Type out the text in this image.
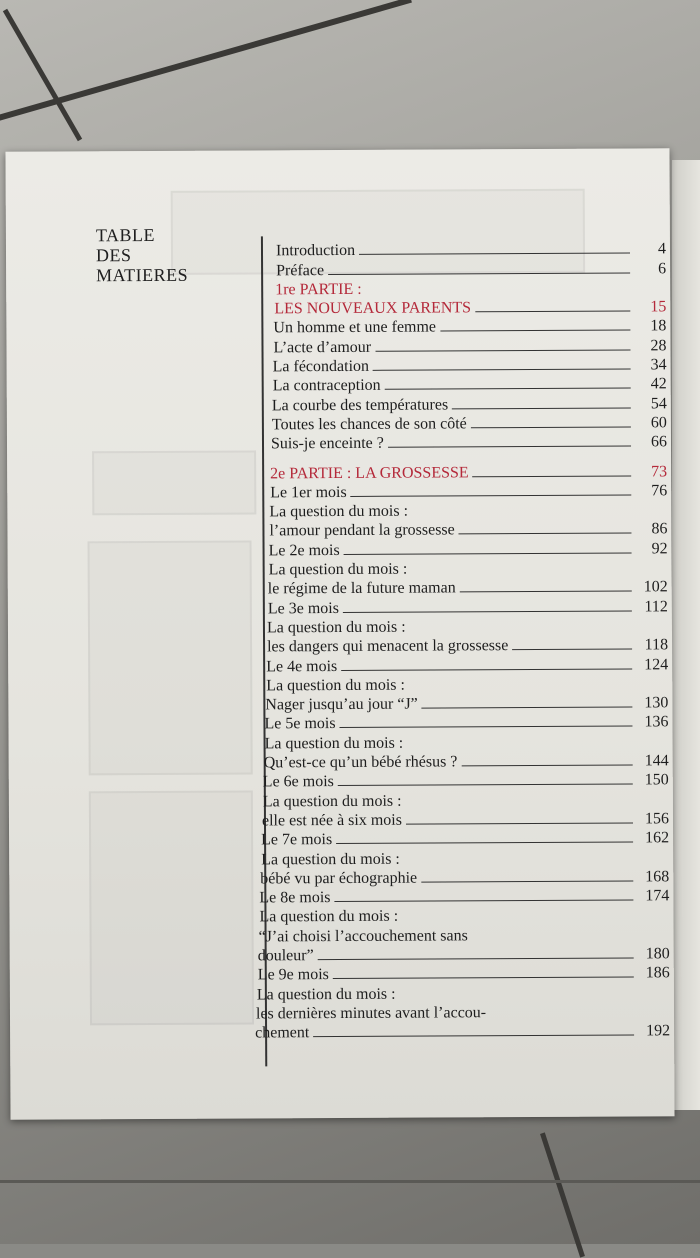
TABLE
DES
MATIERES
Introduction	4
Préface	6
1re PARTIE :
LES NOUVEAUX PARENTS	15
Un homme et une femme	18
L’acte d’amour	28
La fécondation	34
La contraception	42
La courbe des températures	54
Toutes les chances de son côté	60
Suis-je enceinte ?	66
2e PARTIE : LA GROSSESSE	73
Le 1er mois	76
La question du mois :
l’amour pendant la grossesse	86
Le 2e mois	92
La question du mois :
le régime de la future maman	102
Le 3e mois	112
La question du mois :
les dangers qui menacent la grossesse	118
Le 4e mois	124
La question du mois :
Nager jusqu’au jour “J”	130
Le 5e mois	136
La question du mois :
Qu’est-ce qu’un bébé rhésus ?	144
Le 6e mois	150
La question du mois :
elle est née à six mois	156
Le 7e mois	162
La question du mois :
bébé vu par échographie	168
Le 8e mois	174
La question du mois :
“J’ai choisi l’accouchement sans
douleur”	180
Le 9e mois	186
La question du mois :
les dernières minutes avant l’accou-
chement	192
